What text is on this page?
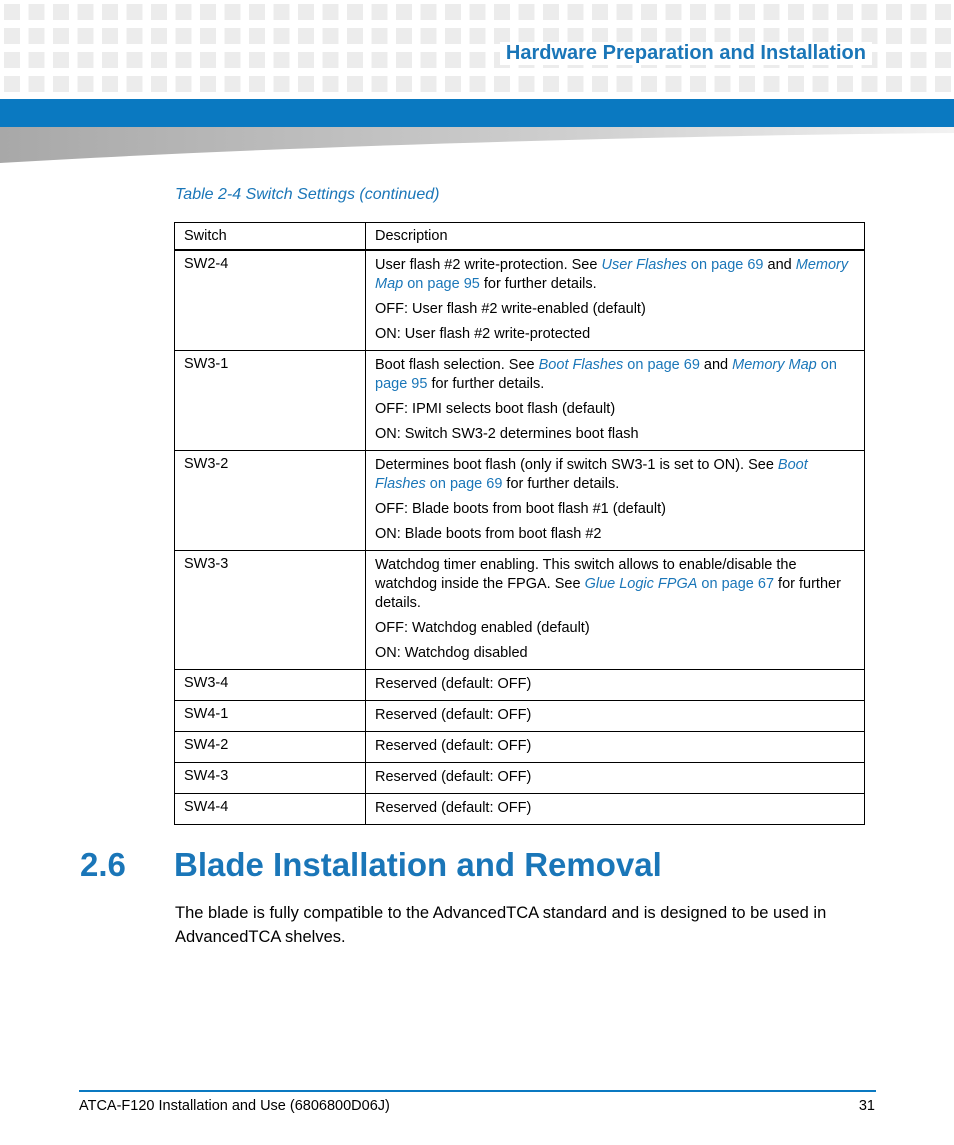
Hardware Preparation and Installation
Table 2-4 Switch Settings (continued)
Switch	Description
SW2-4	User flash #2 write-protection. See User Flashes on page 69 and Memory Map on page 95 for further details.

OFF: User flash #2 write-enabled (default)

ON: User flash #2 write-protected

SW3-1	Boot flash selection. See Boot Flashes on page 69 and Memory Map on page 95 for further details.

OFF: IPMI selects boot flash (default)

ON: Switch SW3-2 determines boot flash

SW3-2	Determines boot flash (only if switch SW3-1 is set to ON). See Boot Flashes on page 69 for further details.

OFF: Blade boots from boot flash #1 (default)

ON: Blade boots from boot flash #2

SW3-3	Watchdog timer enabling. This switch allows to enable/disable the watchdog inside the FPGA. See Glue Logic FPGA on page 67 for further details.

OFF: Watchdog enabled (default)

ON: Watchdog disabled

SW3-4	Reserved (default: OFF)

SW4-1	Reserved (default: OFF)

SW4-2	Reserved (default: OFF)

SW4-3	Reserved (default: OFF)

SW4-4	Reserved (default: OFF)

2.6 Blade Installation and Removal
The blade is fully compatible to the AdvancedTCA standard and is designed to be used in AdvancedTCA shelves.
ATCA-F120 Installation and Use (6806800D06J)	31
